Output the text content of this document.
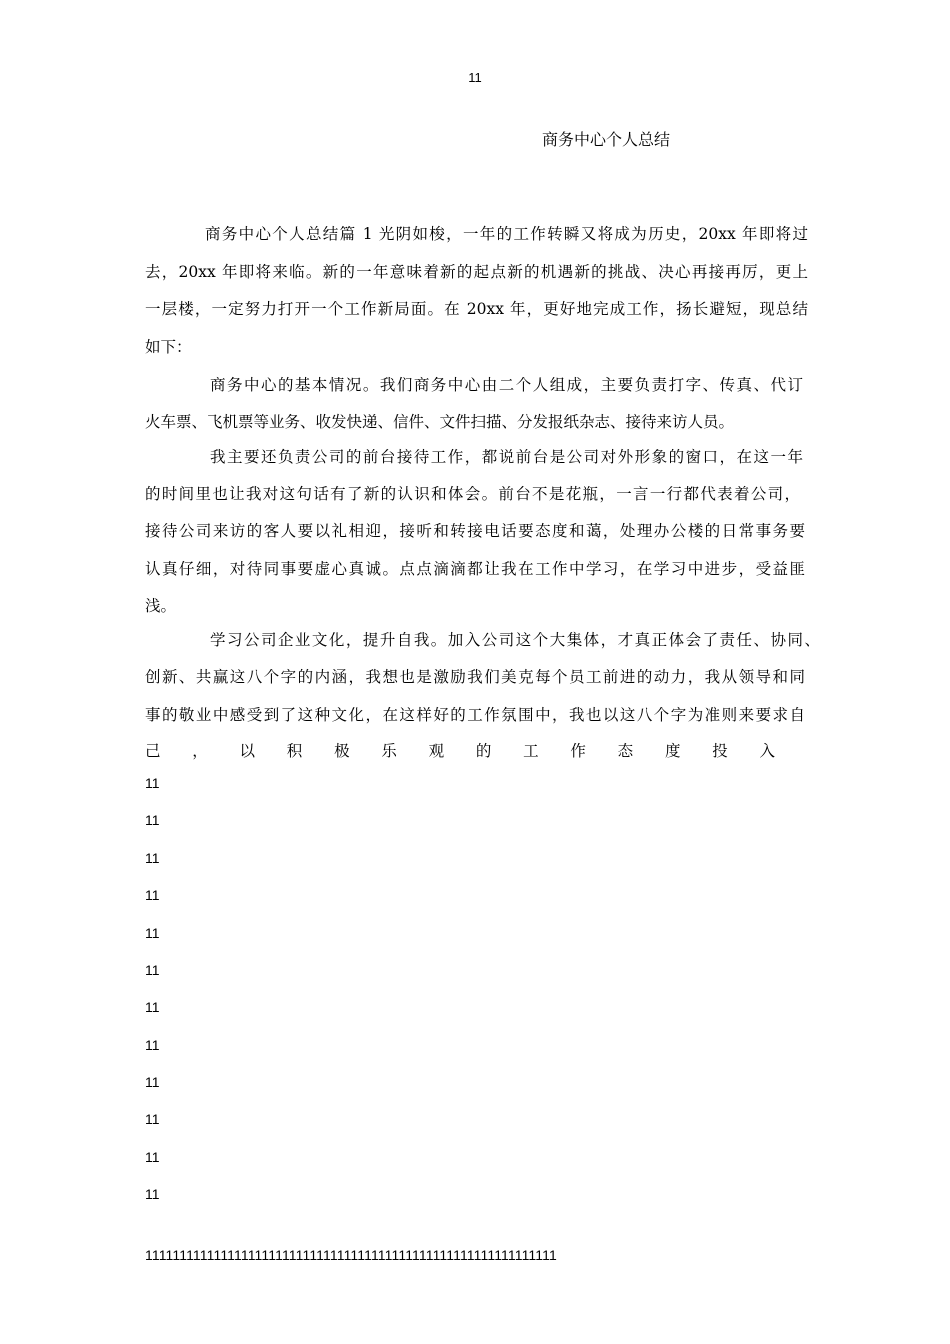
11
商务中心个人总结
商务中心个人总结篇 1 光阴如梭，一年的工作转瞬又将成为历史，20xx 年即将过
去，20xx 年即将来临。新的一年意味着新的起点新的机遇新的挑战、决心再接再厉，更上
一层楼，一定努力打开一个工作新局面。在 20xx 年，更好地完成工作，扬长避短，现总结
如下：
商务中心的基本情况。我们商务中心由二个人组成，主要负责打字、传真、代订
火车票、飞机票等业务、收发快递、信件、文件扫描、分发报纸杂志、接待来访人员。
我主要还负责公司的前台接待工作，都说前台是公司对外形象的窗口，在这一年
的时间里也让我对这句话有了新的认识和体会。前台不是花瓶，一言一行都代表着公司，
接待公司来访的客人要以礼相迎，接听和转接电话要态度和蔼，处理办公楼的日常事务要
认真仔细，对待同事要虚心真诚。点点滴滴都让我在工作中学习，在学习中进步，受益匪
浅。
学习公司企业文化，提升自我。加入公司这个大集体，才真正体会了责任、协同、
创新、共赢这八个字的内涵，我想也是激励我们美克每个员工前进的动力，我从领导和同
事的敬业中感受到了这种文化，在这样好的工作氛围中，我也以这八个字为准则来要求自
己，以积极乐观的工作态度投入
11
11
11
11
11
11
11
11
11
11
11
11
111111111111111111111111111111111111111111111111111111111111
